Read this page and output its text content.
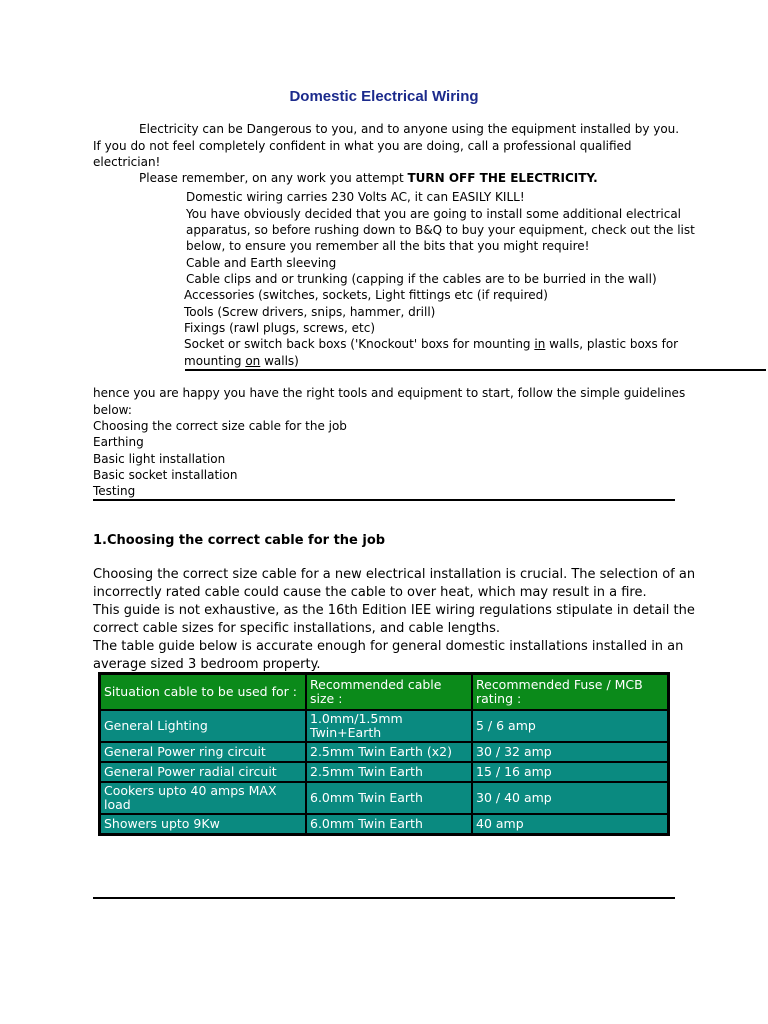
Domestic Electrical Wiring
Electricity can be Dangerous to you, and to anyone using the equipment installed by you.
If you do not feel completely confident in what you are doing, call a professional qualified
electrician!
Please remember, on any work you attempt TURN OFF THE ELECTRICITY.
Domestic wiring carries 230 Volts AC, it can EASILY KILL!
You have obviously decided that you are going to install some additional electrical
apparatus, so before rushing down to B&Q to buy your equipment, check out the list
below, to ensure you remember all the bits that you might require!
Cable and Earth sleeving
Cable clips and or trunking (capping if the cables are to be burried in the wall)
Accessories (switches, sockets, Light fittings etc (if required)
Tools (Screw drivers, snips, hammer, drill)
Fixings (rawl plugs, screws, etc)
Socket or switch back boxs ('Knockout' boxs for mounting in walls, plastic boxs for
mounting on walls)
hence you are happy you have the right tools and equipment to start, follow the simple guidelines
below:
Choosing the correct size cable for the job
Earthing
Basic light installation
Basic socket installation
Testing
1.Choosing the correct cable for the job
Choosing the correct size cable for a new electrical installation is crucial. The selection of an
incorrectly rated cable could cause the cable to over heat, which may result in a fire.
This guide is not exhaustive, as the 16th Edition IEE wiring regulations stipulate in detail the
correct cable sizes for specific installations, and cable lengths.
The table guide below is accurate enough for general domestic installations installed in an
average sized 3 bedroom property.
Situation cable to be used for :	Recommended cable size :	Recommended Fuse / MCB rating :
General Lighting	1.0mm/1.5mm Twin+Earth	5 / 6 amp
General Power ring circuit	2.5mm Twin Earth (x2)	30 / 32 amp
General Power radial circuit	2.5mm Twin Earth	15 / 16 amp
Cookers upto 40 amps MAX load	6.0mm Twin Earth	30 / 40 amp
Showers upto 9Kw	6.0mm Twin Earth	40 amp
